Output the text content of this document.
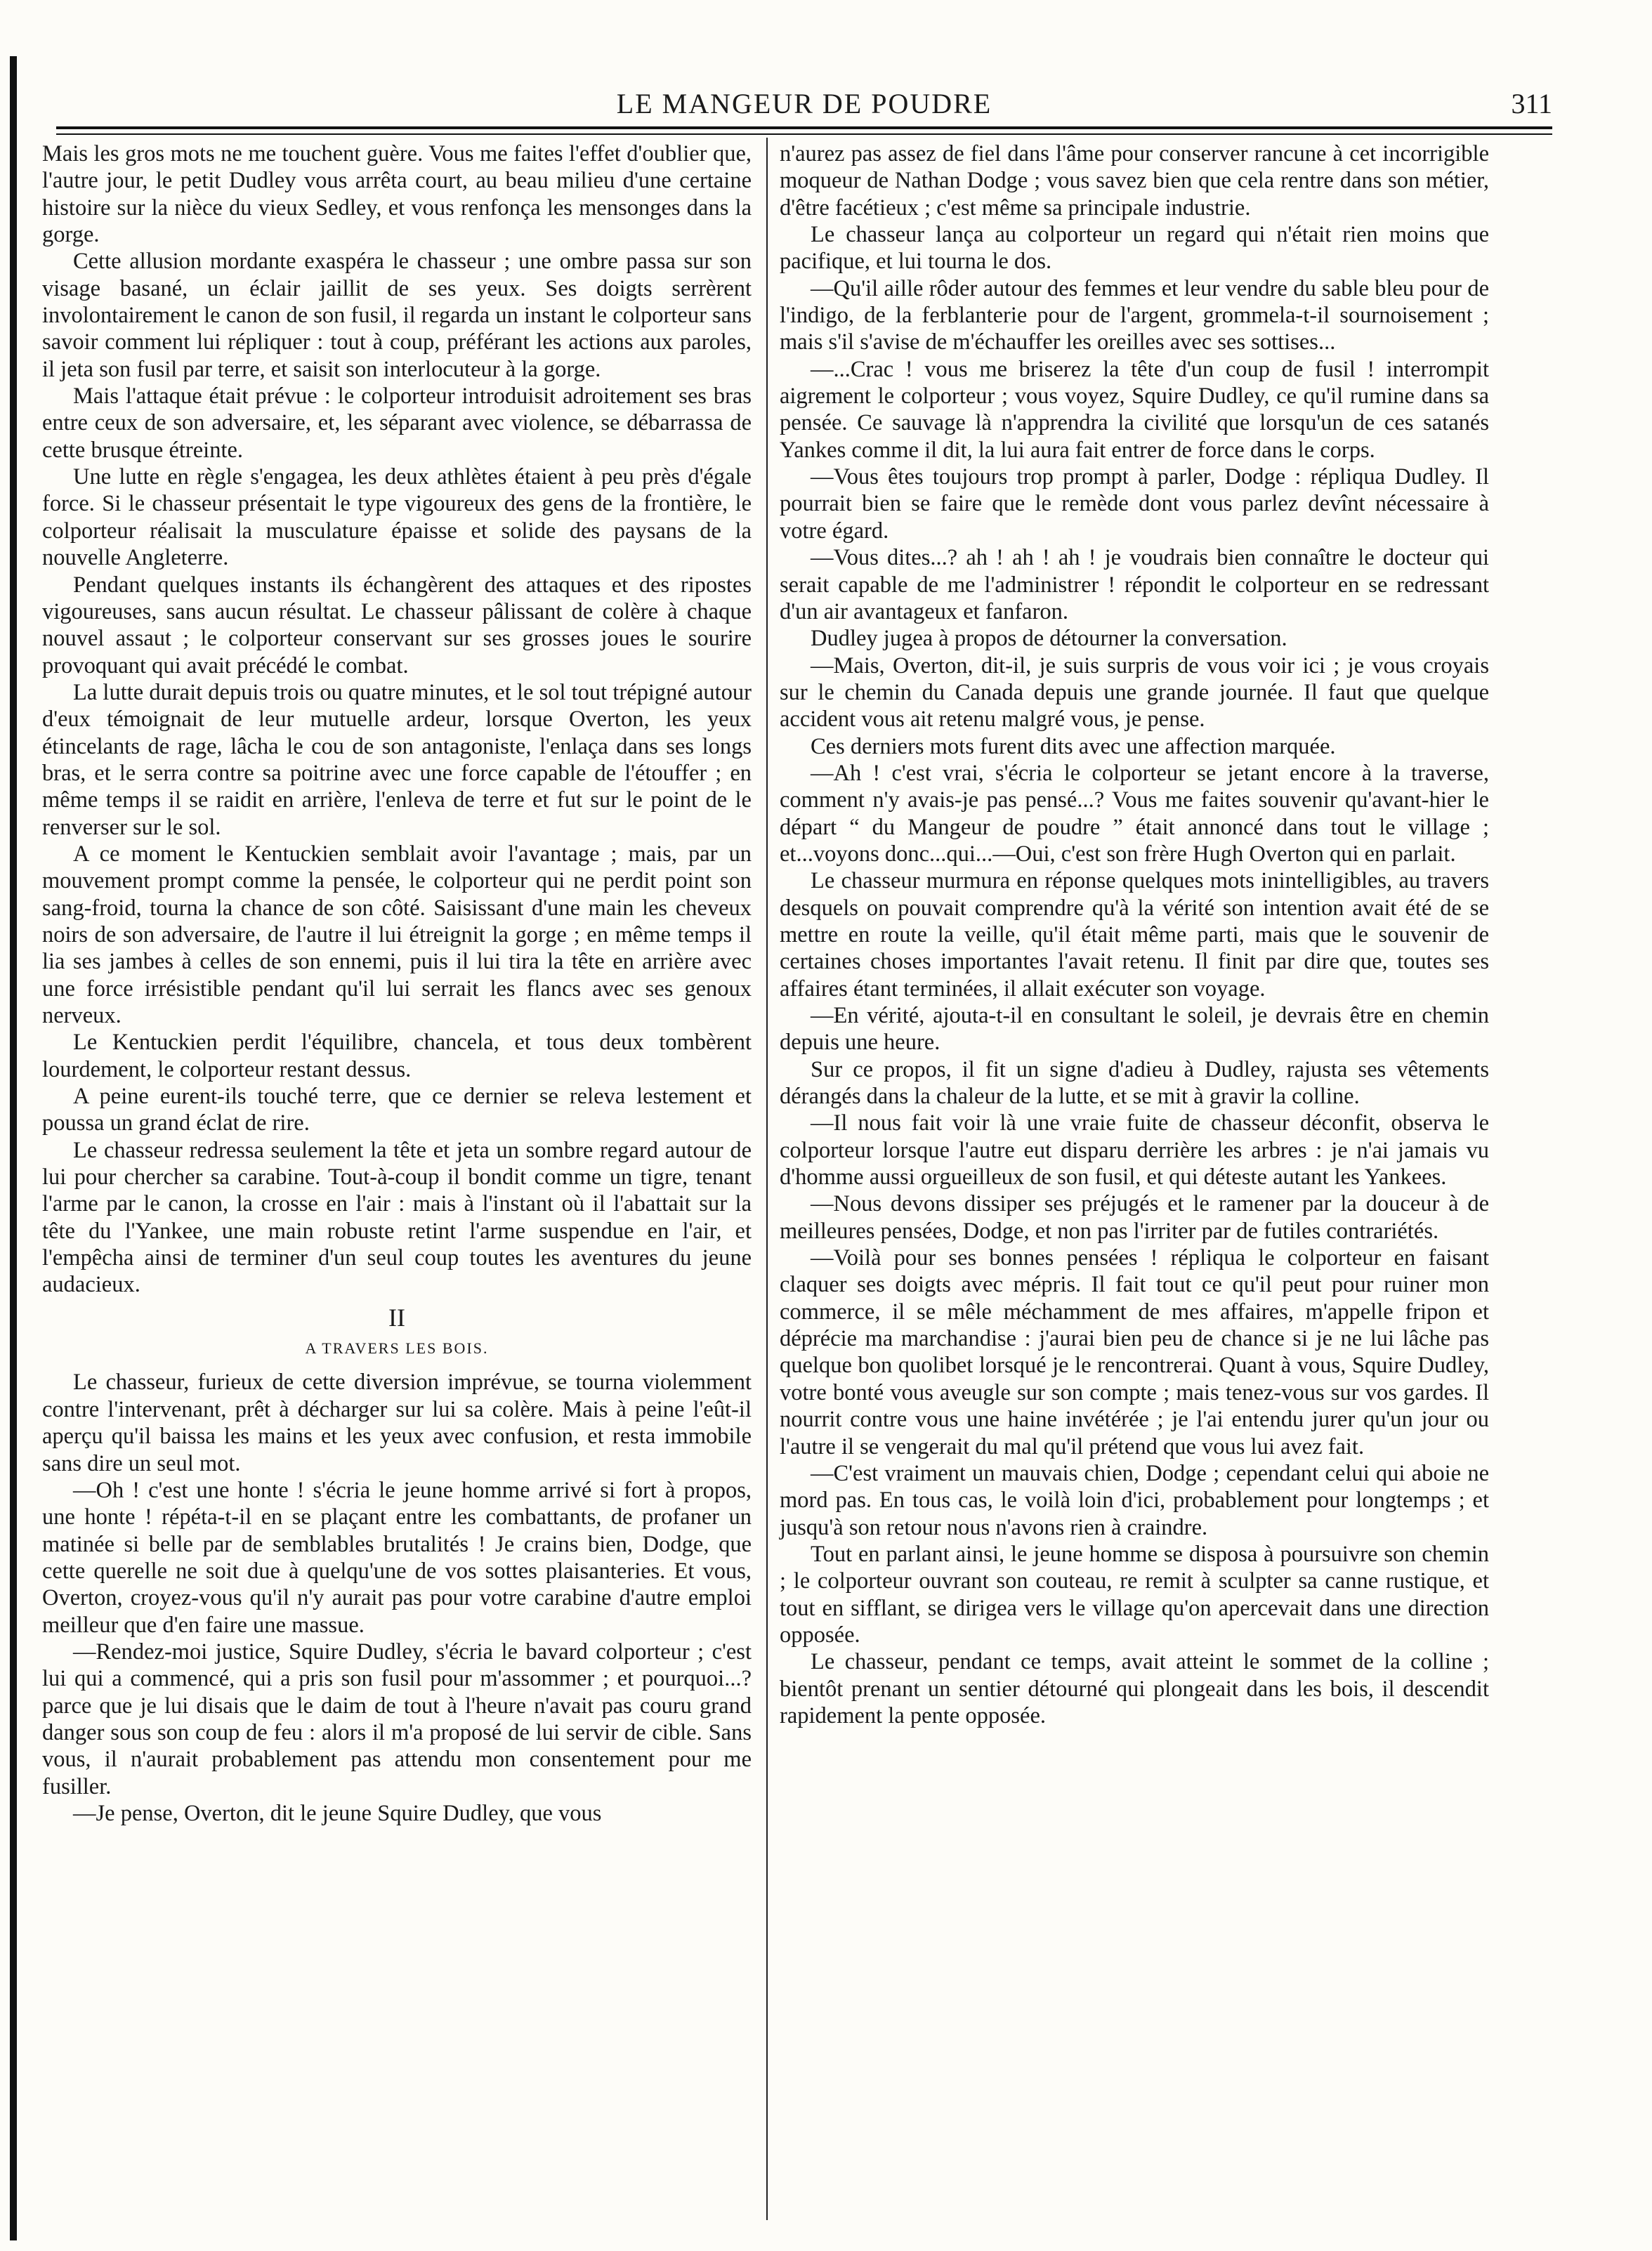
LE MANGEUR DE POUDRE	311

Mais les gros mots ne me touchent guère. Vous me faites l'effet d'oublier que, l'autre jour, le petit Dudley vous arrêta court, au beau milieu d'une certaine histoire sur la nièce du vieux Sedley, et vous renfonça les mensonges dans la gorge.

Cette allusion mordante exaspéra le chasseur ; une ombre passa sur son visage basané, un éclair jaillit de ses yeux. Ses doigts serrèrent involontairement le canon de son fusil, il regarda un instant le colporteur sans savoir comment lui répliquer : tout à coup, préférant les actions aux paroles, il jeta son fusil par terre, et saisit son interlocuteur à la gorge.

Mais l'attaque était prévue : le colporteur introduisit adroitement ses bras entre ceux de son adversaire, et, les séparant avec violence, se débarrassa de cette brusque étreinte.

Une lutte en règle s'engagea, les deux athlètes étaient à peu près d'égale force. Si le chasseur présentait le type vigoureux des gens de la frontière, le colporteur réalisait la musculature épaisse et solide des paysans de la nouvelle Angleterre.

Pendant quelques instants ils échangèrent des attaques et des ripostes vigoureuses, sans aucun résultat. Le chasseur pâlissant de colère à chaque nouvel assaut ; le colporteur conservant sur ses grosses joues le sourire provoquant qui avait précédé le combat.

La lutte durait depuis trois ou quatre minutes, et le sol tout trépigné autour d'eux témoignait de leur mutuelle ardeur, lorsque Overton, les yeux étincelants de rage, lâcha le cou de son antagoniste, l'enlaça dans ses longs bras, et le serra contre sa poitrine avec une force capable de l'étouffer ; en même temps il se raidit en arrière, l'enleva de terre et fut sur le point de le renverser sur le sol.

A ce moment le Kentuckien semblait avoir l'avantage ; mais, par un mouvement prompt comme la pensée, le colporteur qui ne perdit point son sang-froid, tourna la chance de son côté. Saisissant d'une main les cheveux noirs de son adversaire, de l'autre il lui étreignit la gorge ; en même temps il lia ses jambes à celles de son ennemi, puis il lui tira la tête en arrière avec une force irrésistible pendant qu'il lui serrait les flancs avec ses genoux nerveux.

Le Kentuckien perdit l'équilibre, chancela, et tous deux tombèrent lourdement, le colporteur restant dessus.

A peine eurent-ils touché terre, que ce dernier se releva lestement et poussa un grand éclat de rire.

Le chasseur redressa seulement la tête et jeta un sombre regard autour de lui pour chercher sa carabine. Tout-à-coup il bondit comme un tigre, tenant l'arme par le canon, la crosse en l'air : mais à l'instant où il l'abattait sur la tête du l'Yankee, une main robuste retint l'arme suspendue en l'air, et l'empêcha ainsi de terminer d'un seul coup toutes les aventures du jeune audacieux.

II
A TRAVERS LES BOIS.

Le chasseur, furieux de cette diversion imprévue, se tourna violemment contre l'intervenant, prêt à décharger sur lui sa colère. Mais à peine l'eût-il aperçu qu'il baissa les mains et les yeux avec confusion, et resta immobile sans dire un seul mot.

—Oh ! c'est une honte ! s'écria le jeune homme arrivé si fort à propos, une honte ! répéta-t-il en se plaçant entre les combattants, de profaner un matinée si belle par de semblables brutalités ! Je crains bien, Dodge, que cette querelle ne soit due à quelqu'une de vos sottes plaisanteries. Et vous, Overton, croyez-vous qu'il n'y aurait pas pour votre carabine d'autre emploi meilleur que d'en faire une massue.

—Rendez-moi justice, Squire Dudley, s'écria le bavard colporteur ; c'est lui qui a commencé, qui a pris son fusil pour m'assommer ; et pourquoi...? parce que je lui disais que le daim de tout à l'heure n'avait pas couru grand danger sous son coup de feu : alors il m'a proposé de lui servir de cible. Sans vous, il n'aurait probablement pas attendu mon consentement pour me fusiller.

—Je pense, Overton, dit le jeune Squire Dudley, que vous

n'aurez pas assez de fiel dans l'âme pour conserver rancune à cet incorrigible moqueur de Nathan Dodge ; vous savez bien que cela rentre dans son métier, d'être facétieux ; c'est même sa principale industrie.

Le chasseur lança au colporteur un regard qui n'était rien moins que pacifique, et lui tourna le dos.

—Qu'il aille rôder autour des femmes et leur vendre du sable bleu pour de l'indigo, de la ferblanterie pour de l'argent, grommela-t-il sournoisement ; mais s'il s'avise de m'échauffer les oreilles avec ses sottises...

—...Crac ! vous me briserez la tête d'un coup de fusil ! interrompit aigrement le colporteur ; vous voyez, Squire Dudley, ce qu'il rumine dans sa pensée. Ce sauvage là n'apprendra la civilité que lorsqu'un de ces satanés Yankes comme il dit, la lui aura fait entrer de force dans le corps.

—Vous êtes toujours trop prompt à parler, Dodge : répliqua Dudley. Il pourrait bien se faire que le remède dont vous parlez devînt nécessaire à votre égard.

—Vous dites...? ah ! ah ! ah ! je voudrais bien connaître le docteur qui serait capable de me l'administrer ! répondit le colporteur en se redressant d'un air avantageux et fanfaron.

Dudley jugea à propos de détourner la conversation.

—Mais, Overton, dit-il, je suis surpris de vous voir ici ; je vous croyais sur le chemin du Canada depuis une grande journée. Il faut que quelque accident vous ait retenu malgré vous, je pense.

Ces derniers mots furent dits avec une affection marquée.

—Ah ! c'est vrai, s'écria le colporteur se jetant encore à la traverse, comment n'y avais-je pas pensé...? Vous me faites souvenir qu'avant-hier le départ “ du Mangeur de poudre ” était annoncé dans tout le village ; et...voyons donc...qui...—Oui, c'est son frère Hugh Overton qui en parlait.

Le chasseur murmura en réponse quelques mots inintelligibles, au travers desquels on pouvait comprendre qu'à la vérité son intention avait été de se mettre en route la veille, qu'il était même parti, mais que le souvenir de certaines choses importantes l'avait retenu. Il finit par dire que, toutes ses affaires étant terminées, il allait exécuter son voyage.

—En vérité, ajouta-t-il en consultant le soleil, je devrais être en chemin depuis une heure.

Sur ce propos, il fit un signe d'adieu à Dudley, rajusta ses vêtements dérangés dans la chaleur de la lutte, et se mit à gravir la colline.

—Il nous fait voir là une vraie fuite de chasseur déconfit, observa le colporteur lorsque l'autre eut disparu derrière les arbres : je n'ai jamais vu d'homme aussi orgueilleux de son fusil, et qui déteste autant les Yankees.

—Nous devons dissiper ses préjugés et le ramener par la douceur à de meilleures pensées, Dodge, et non pas l'irriter par de futiles contrariétés.

—Voilà pour ses bonnes pensées ! répliqua le colporteur en faisant claquer ses doigts avec mépris. Il fait tout ce qu'il peut pour ruiner mon commerce, il se mêle méchamment de mes affaires, m'appelle fripon et déprécie ma marchandise : j'aurai bien peu de chance si je ne lui lâche pas quelque bon quolibet lorsqué je le rencontrerai. Quant à vous, Squire Dudley, votre bonté vous aveugle sur son compte ; mais tenez-vous sur vos gardes. Il nourrit contre vous une haine invétérée ; je l'ai entendu jurer qu'un jour ou l'autre il se vengerait du mal qu'il prétend que vous lui avez fait.

—C'est vraiment un mauvais chien, Dodge ; cependant celui qui aboie ne mord pas. En tous cas, le voilà loin d'ici, probablement pour longtemps ; et jusqu'à son retour nous n'avons rien à craindre.

Tout en parlant ainsi, le jeune homme se disposa à poursuivre son chemin ; le colporteur ouvrant son couteau, re remit à sculpter sa canne rustique, et tout en sifflant, se dirigea vers le village qu'on apercevait dans une direction opposée.

Le chasseur, pendant ce temps, avait atteint le sommet de la colline ; bientôt prenant un sentier détourné qui plongeait dans les bois, il descendit rapidement la pente opposée.
